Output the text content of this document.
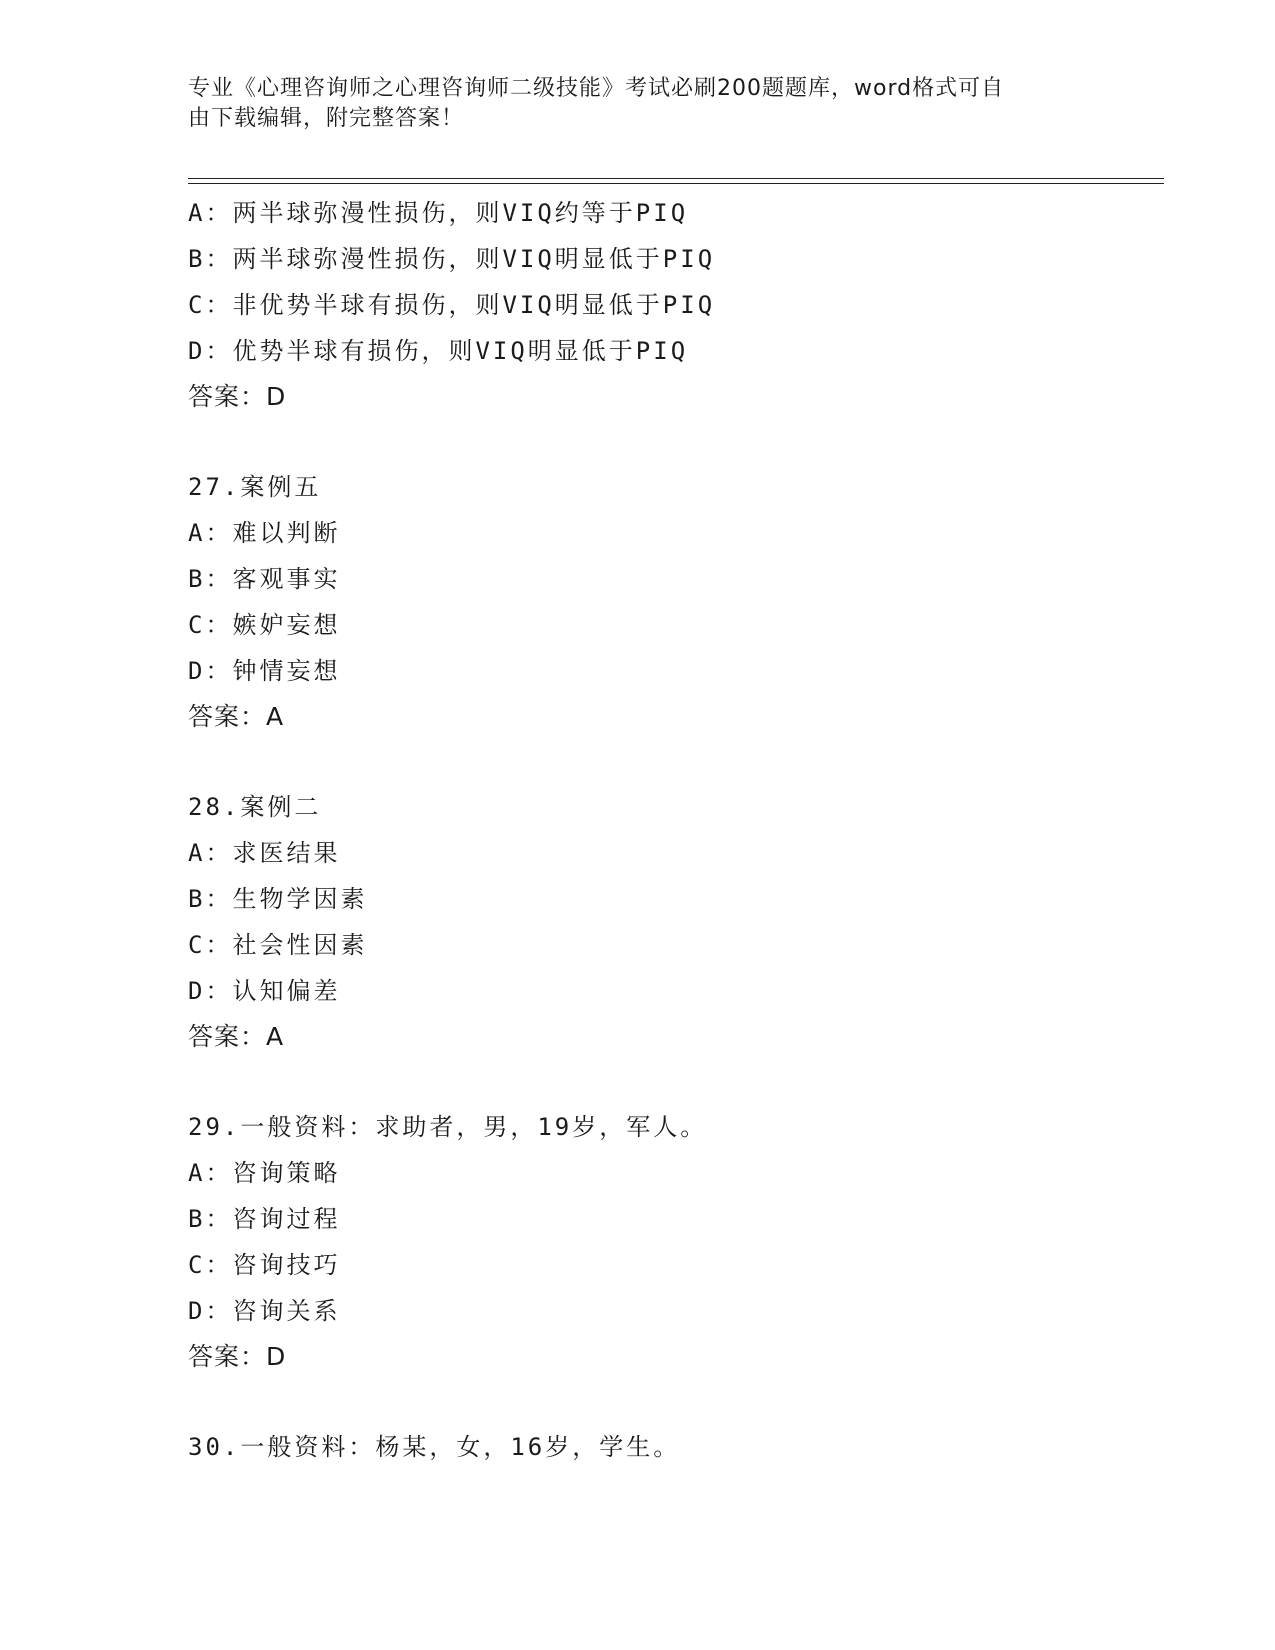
专业《心理咨询师之心理咨询师二级技能》考试必刷200题题库，word格式可自
由下载编辑，附完整答案！
A：两半球弥漫性损伤，则VIQ约等于PIQ
B：两半球弥漫性损伤，则VIQ明显低于PIQ
C：非优势半球有损伤，则VIQ明显低于PIQ
D：优势半球有损伤，则VIQ明显低于PIQ
答案：D
27.案例五
A：难以判断
B：客观事实
C：嫉妒妄想
D：钟情妄想
答案：A
28.案例二
A：求医结果
B：生物学因素
C：社会性因素
D：认知偏差
答案：A
29.一般资料：求助者，男，19岁，军人。
A：咨询策略
B：咨询过程
C：咨询技巧
D：咨询关系
答案：D
30.一般资料：杨某，女，16岁，学生。
